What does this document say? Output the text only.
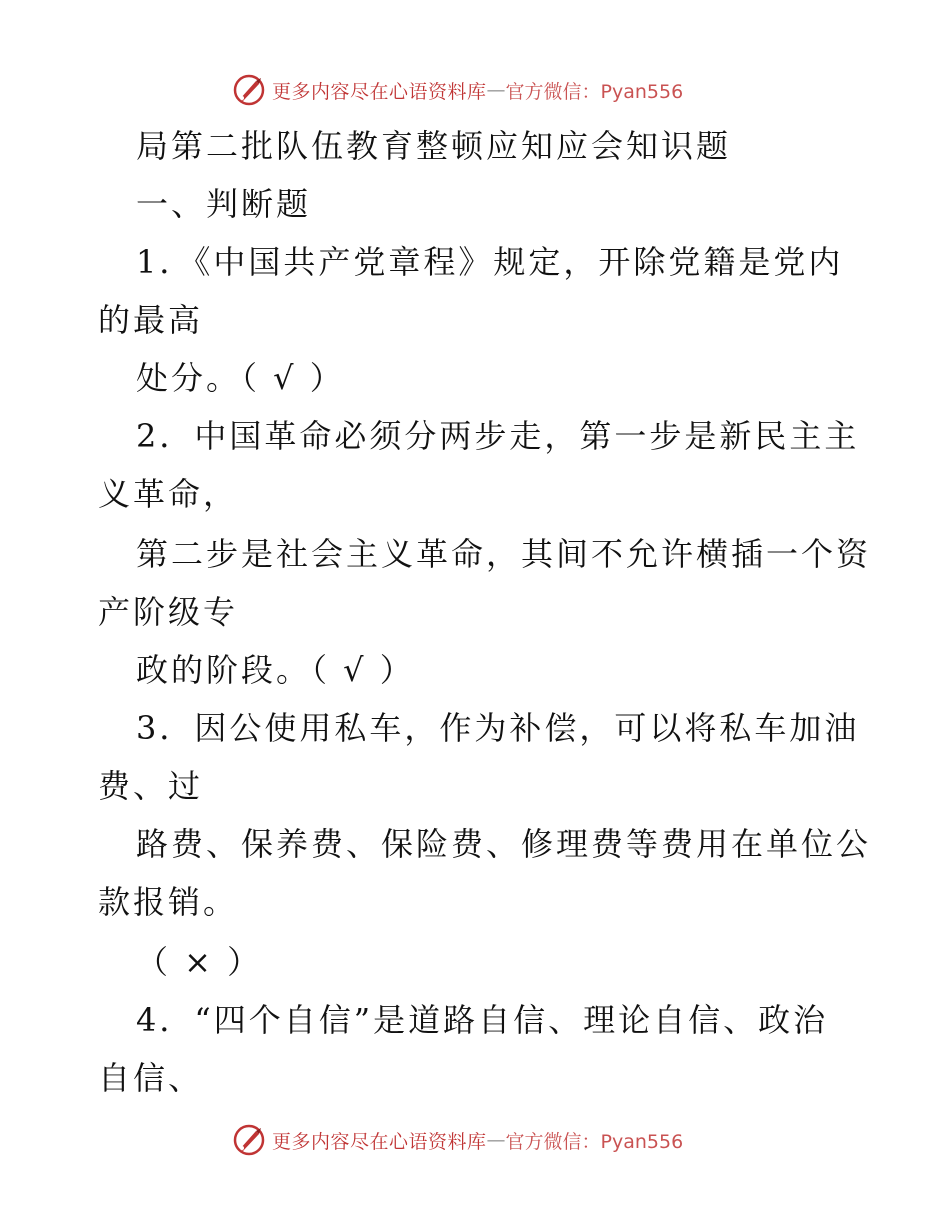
更多内容尽在心语资料库 — 官方微信：Pyan556
局第二批队伍教育整顿应知应会知识题
一、判断题
1．《中国共产党章程》规定，开除党籍是党内
的最高
处分。（ √ ）
2．中国革命必须分两步走，第一步是新民主主
义革命，
第二步是社会主义革命，其间不允许横插一个资
产阶级专
政的阶段。（ √ ）
3．因公使用私车，作为补偿，可以将私车加油
费、过
路费、保养费、保险费、修理费等费用在单位公
款报销。
（ × ）
4．“四个自信”是道路自信、理论自信、政治
自信、
更多内容尽在心语资料库 — 官方微信：Pyan556
